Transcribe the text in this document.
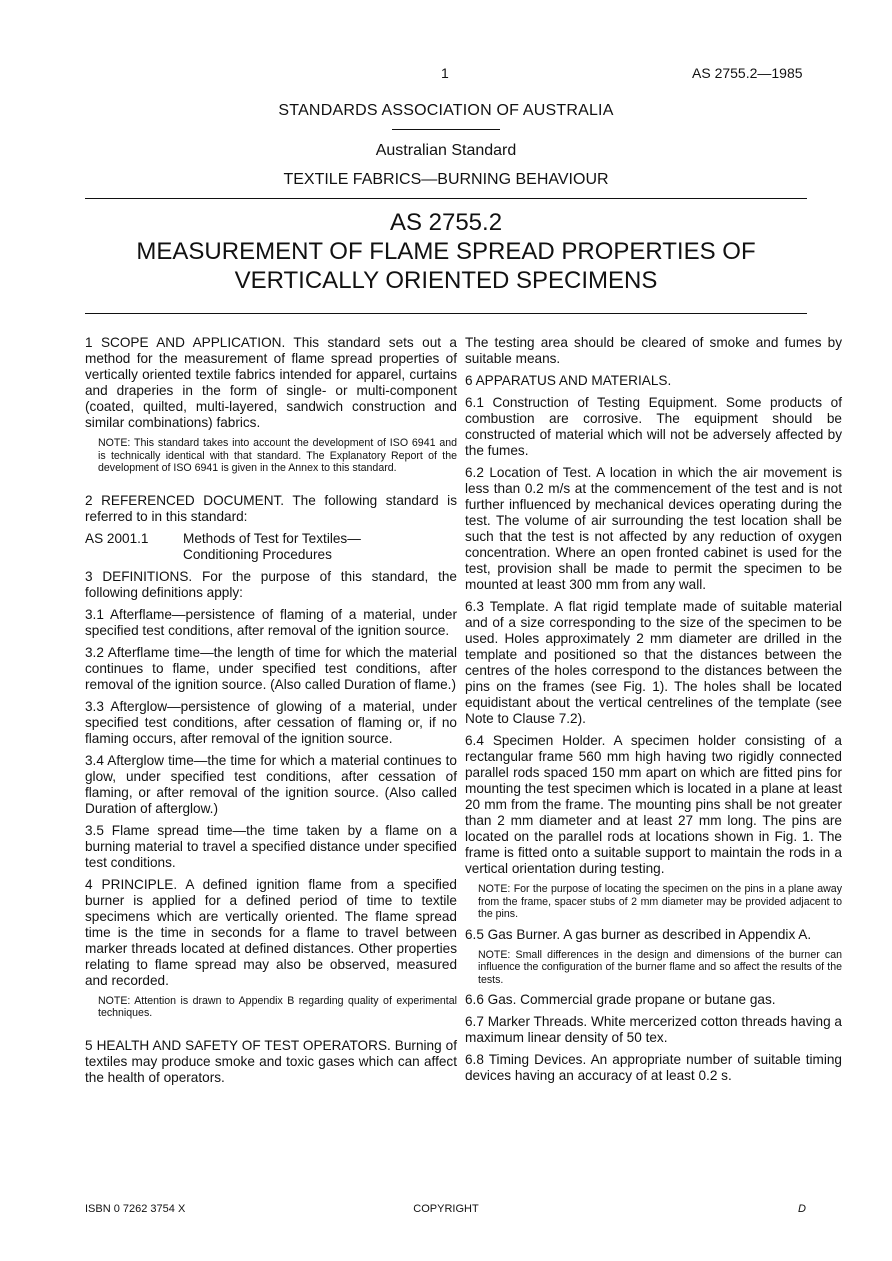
1	AS 2755.2—1985
STANDARDS ASSOCIATION OF AUSTRALIA
Australian Standard
TEXTILE FABRICS—BURNING BEHAVIOUR
AS 2755.2
MEASUREMENT OF FLAME SPREAD PROPERTIES OF
VERTICALLY ORIENTED SPECIMENS

1 SCOPE AND APPLICATION. This standard sets out a method for the measurement of flame spread properties of vertically oriented textile fabrics intended for apparel, curtains and draperies in the form of single- or multi-component (coated, quilted, multi-layered, sandwich construction and similar combinations) fabrics.

NOTE: This standard takes into account the development of ISO 6941 and is technically identical with that standard. The Explanatory Report of the development of ISO 6941 is given in the Annex to this standard.

2 REFERENCED DOCUMENT. The following standard is referred to in this standard:

AS 2001.1	Methods of Test for Textiles—Conditioning Procedures

3 DEFINITIONS. For the purpose of this standard, the following definitions apply:

3.1 Afterflame—persistence of flaming of a material, under specified test conditions, after removal of the ignition source.

3.2 Afterflame time—the length of time for which the material continues to flame, under specified test conditions, after removal of the ignition source. (Also called Duration of flame.)

3.3 Afterglow—persistence of glowing of a material, under specified test conditions, after cessation of flaming or, if no flaming occurs, after removal of the ignition source.

3.4 Afterglow time—the time for which a material continues to glow, under specified test conditions, after cessation of flaming, or after removal of the ignition source. (Also called Duration of afterglow.)

3.5 Flame spread time—the time taken by a flame on a burning material to travel a specified distance under specified test conditions.

4 PRINCIPLE. A defined ignition flame from a specified burner is applied for a defined period of time to textile specimens which are vertically oriented. The flame spread time is the time in seconds for a flame to travel between marker threads located at defined distances. Other properties relating to flame spread may also be observed, measured and recorded.

NOTE: Attention is drawn to Appendix B regarding quality of experimental techniques.

5 HEALTH AND SAFETY OF TEST OPERATORS. Burning of textiles may produce smoke and toxic gases which can affect the health of operators.

The testing area should be cleared of smoke and fumes by suitable means.

6 APPARATUS AND MATERIALS.

6.1 Construction of Testing Equipment. Some products of combustion are corrosive. The equipment should be constructed of material which will not be adversely affected by the fumes.

6.2 Location of Test. A location in which the air movement is less than 0.2 m/s at the commencement of the test and is not further influenced by mechanical devices operating during the test. The volume of air surrounding the test location shall be such that the test is not affected by any reduction of oxygen concentration. Where an open fronted cabinet is used for the test, provision shall be made to permit the specimen to be mounted at least 300 mm from any wall.

6.3 Template. A flat rigid template made of suitable material and of a size corresponding to the size of the specimen to be used. Holes approximately 2 mm diameter are drilled in the template and positioned so that the distances between the centres of the holes correspond to the distances between the pins on the frames (see Fig. 1). The holes shall be located equidistant about the vertical centrelines of the template (see Note to Clause 7.2).

6.4 Specimen Holder. A specimen holder consisting of a rectangular frame 560 mm high having two rigidly connected parallel rods spaced 150 mm apart on which are fitted pins for mounting the test specimen which is located in a plane at least 20 mm from the frame. The mounting pins shall be not greater than 2 mm diameter and at least 27 mm long. The pins are located on the parallel rods at locations shown in Fig. 1. The frame is fitted onto a suitable support to maintain the rods in a vertical orientation during testing.

NOTE: For the purpose of locating the specimen on the pins in a plane away from the frame, spacer stubs of 2 mm diameter may be provided adjacent to the pins.

6.5 Gas Burner. A gas burner as described in Appendix A.

NOTE: Small differences in the design and dimensions of the burner can influence the configuration of the burner flame and so affect the results of the tests.

6.6 Gas. Commercial grade propane or butane gas.

6.7 Marker Threads. White mercerized cotton threads having a maximum linear density of 50 tex.

6.8 Timing Devices. An appropriate number of suitable timing devices having an accuracy of at least 0.2 s.

ISBN 0 7262 3754 X	COPYRIGHT	D
